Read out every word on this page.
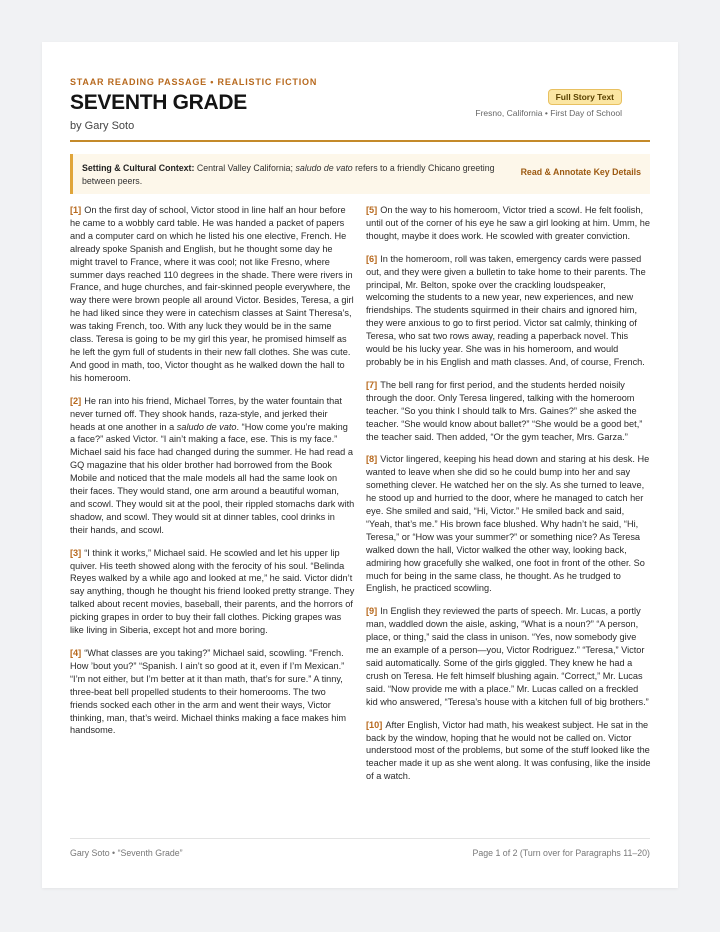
STAAR READING PASSAGE • REALISTIC FICTION
SEVENTH GRADE
by Gary Soto
Full Story Text
Fresno, California • First Day of School
Setting & Cultural Context: Central Valley California; saludo de vato refers to a friendly Chicano greeting between peers.
Read & Annotate Key Details

[1] On the first day of school, Victor stood in line half an hour before he came to a wobbly card table. He was handed a packet of papers and a computer card on which he listed his one elective, French. He already spoke Spanish and English, but he thought some day he might travel to France, where it was cool; not like Fresno, where summer days reached 110 degrees in the shade. There were rivers in France, and huge churches, and fair-skinned people everywhere, the way there were brown people all around Victor. Besides, Teresa, a girl he had liked since they were in catechism classes at Saint Theresa’s, was taking French, too. With any luck they would be in the same class. Teresa is going to be my girl this year, he promised himself as he left the gym full of students in their new fall clothes. She was cute. And good in math, too, Victor thought as he walked down the hall to his homeroom.

[2] He ran into his friend, Michael Torres, by the water fountain that never turned off. They shook hands, raza-style, and jerked their heads at one another in a saludo de vato. “How come you’re making a face?” asked Victor. “I ain’t making a face, ese. This is my face.” Michael said his face had changed during the summer. He had read a GQ magazine that his older brother had borrowed from the Book Mobile and noticed that the male models all had the same look on their faces. They would stand, one arm around a beautiful woman, and scowl. They would sit at the pool, their rippled stomachs dark with shadow, and scowl. They would sit at dinner tables, cool drinks in their hands, and scowl.

[3] “I think it works,” Michael said. He scowled and let his upper lip quiver. His teeth showed along with the ferocity of his soul. “Belinda Reyes walked by a while ago and looked at me,” he said. Victor didn’t say anything, though he thought his friend looked pretty strange. They talked about recent movies, baseball, their parents, and the horrors of picking grapes in order to buy their fall clothes. Picking grapes was like living in Siberia, except hot and more boring.

[4] “What classes are you taking?” Michael said, scowling. “French. How ’bout you?” “Spanish. I ain’t so good at it, even if I’m Mexican.” “I’m not either, but I’m better at it than math, that’s for sure.” A tinny, three-beat bell propelled students to their homerooms. The two friends socked each other in the arm and went their ways, Victor thinking, man, that’s weird. Michael thinks making a face makes him handsome.

[5] On the way to his homeroom, Victor tried a scowl. He felt foolish, until out of the corner of his eye he saw a girl looking at him. Umm, he thought, maybe it does work. He scowled with greater conviction.

[6] In the homeroom, roll was taken, emergency cards were passed out, and they were given a bulletin to take home to their parents. The principal, Mr. Belton, spoke over the crackling loudspeaker, welcoming the students to a new year, new experiences, and new friendships. The students squirmed in their chairs and ignored him, they were anxious to go to first period. Victor sat calmly, thinking of Teresa, who sat two rows away, reading a paperback novel. This would be his lucky year. She was in his homeroom, and would probably be in his English and math classes. And, of course, French.

[7] The bell rang for first period, and the students herded noisily through the door. Only Teresa lingered, talking with the homeroom teacher. “So you think I should talk to Mrs. Gaines?” she asked the teacher. “She would know about ballet?” “She would be a good bet,” the teacher said. Then added, “Or the gym teacher, Mrs. Garza.”

[8] Victor lingered, keeping his head down and staring at his desk. He wanted to leave when she did so he could bump into her and say something clever. He watched her on the sly. As she turned to leave, he stood up and hurried to the door, where he managed to catch her eye. She smiled and said, “Hi, Victor.” He smiled back and said, “Yeah, that’s me.” His brown face blushed. Why hadn’t he said, “Hi, Teresa,” or “How was your summer?” or something nice? As Teresa walked down the hall, Victor walked the other way, looking back, admiring how gracefully she walked, one foot in front of the other. So much for being in the same class, he thought. As he trudged to English, he practiced scowling.

[9] In English they reviewed the parts of speech. Mr. Lucas, a portly man, waddled down the aisle, asking, “What is a noun?” “A person, place, or thing,” said the class in unison. “Yes, now somebody give me an example of a person—you, Victor Rodriguez.” “Teresa,” Victor said automatically. Some of the girls giggled. They knew he had a crush on Teresa. He felt himself blushing again. “Correct,” Mr. Lucas said. “Now provide me with a place.” Mr. Lucas called on a freckled kid who answered, “Teresa’s house with a kitchen full of big brothers.”

[10] After English, Victor had math, his weakest subject. He sat in the back by the window, hoping that he would not be called on. Victor understood most of the problems, but some of the stuff looked like the teacher made it up as she went along. It was confusing, like the inside of a watch.

Gary Soto • “Seventh Grade”	Page 1 of 2 (Turn over for Paragraphs 11–20)
